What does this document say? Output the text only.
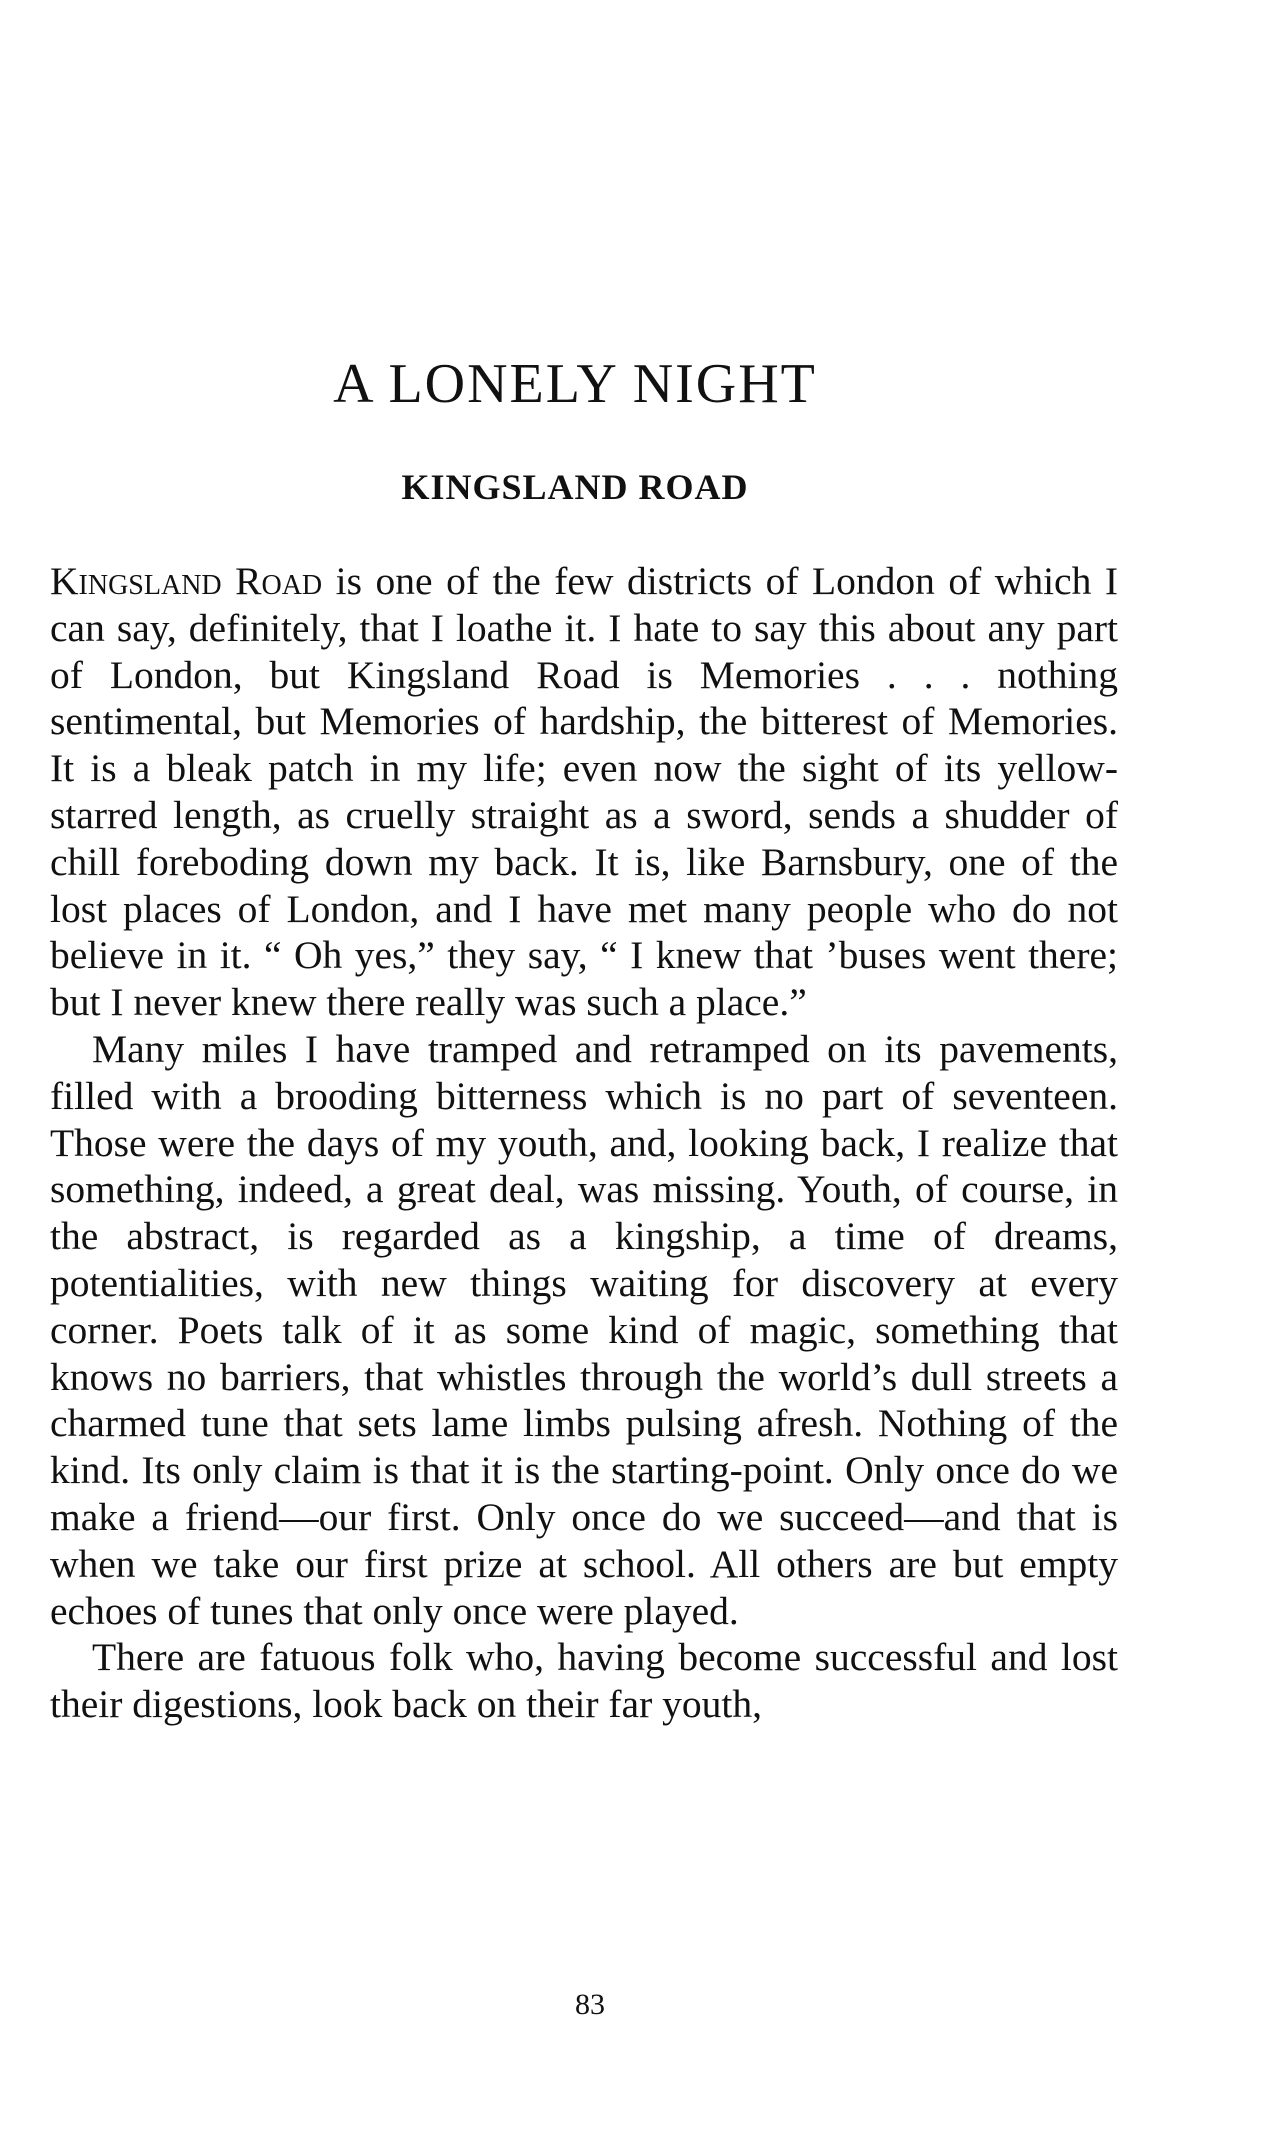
A LONELY NIGHT
KINGSLAND ROAD

Kingsland Road is one of the few districts of London of which I can say, definitely, that I loathe it. I hate to say this about any part of London, but Kingsland Road is Memories . . . nothing sentimental, but Memories of hardship, the bitterest of Memories. It is a bleak patch in my life; even now the sight of its yellow-starred length, as cruelly straight as a sword, sends a shudder of chill foreboding down my back. It is, like Barnsbury, one of the lost places of London, and I have met many people who do not believe in it. “ Oh yes,” they say, “ I knew that ’buses went there; but I never knew there really was such a place.”

Many miles I have tramped and retramped on its pavements, filled with a brooding bitterness which is no part of seventeen. Those were the days of my youth, and, looking back, I realize that something, indeed, a great deal, was missing. Youth, of course, in the abstract, is regarded as a kingship, a time of dreams, potentialities, with new things waiting for discovery at every corner. Poets talk of it as some kind of magic, something that knows no barriers, that whistles through the world’s dull streets a charmed tune that sets lame limbs pulsing afresh. Nothing of the kind. Its only claim is that it is the starting-point. Only once do we make a friend—our first. Only once do we succeed—and that is when we take our first prize at school. All others are but empty echoes of tunes that only once were played.

There are fatuous folk who, having become successful and lost their digestions, look back on their far youth,

83
